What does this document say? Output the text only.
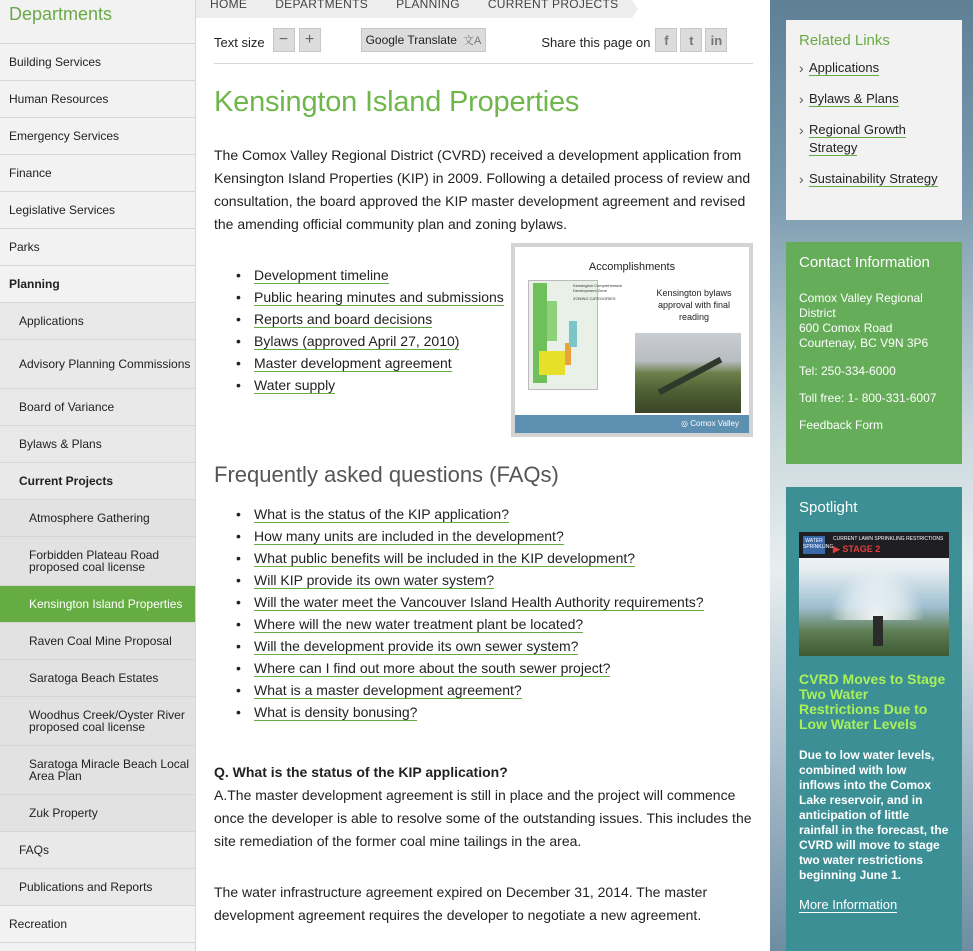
Departments
Building Services
Human Resources
Emergency Services
Finance
Legislative Services
Parks
Planning
Applications
Advisory Planning Commissions
Board of Variance
Bylaws & Plans
Current Projects
Atmosphere Gathering
Forbidden Plateau Road proposed coal license
Kensington Island Properties
Raven Coal Mine Proposal
Saratoga Beach Estates
Woodhus Creek/Oyster River proposed coal license
Saratoga Miracle Beach Local Area Plan
Zuk Property
FAQs
Publications and Reports
Recreation
HOME	DEPARTMENTS	PLANNING	CURRENT PROJECTS
Text size −	+	Google Translate 文A	Share this page on	f	t	in
Kensington Island Properties

The Comox Valley Regional District (CVRD) received a development application from Kensington Island Properties (KIP) in 2009. Following a detailed process of review and consultation, the board approved the KIP master development agreement and revised the amending official community plan and zoning bylaws.

• Development timeline
• Public hearing minutes and submissions
• Reports and board decisions
• Bylaws (approved April 27, 2010)
• Master development agreement
• Water supply
Accomplishments
Kensington Comprehensive Development Zone
ZONING CATEGORIES
Kensington bylaws approval with final reading
◎ Comox Valley
Frequently asked questions (FAQs)
• What is the status of the KIP application?
• How many units are included in the development?
• What public benefits will be included in the KIP development?
• Will KIP provide its own water system?
• Will the water meet the Vancouver Island Health Authority requirements?
• Where will the new water treatment plant be located?
• Will the development provide its own sewer system?
• Where can I find out more about the south sewer project?
• What is a master development agreement?
• What is density bonusing?

Q. What is the status of the KIP application?

A.The master development agreement is still in place and the project will commence once the developer is able to resolve some of the outstanding issues. This includes the site remediation of the former coal mine tailings in the area.

The water infrastructure agreement expired on December 31, 2014. The master development agreement requires the developer to negotiate a new agreement.

Related Links
› Applications
› Bylaws & Plans
› Regional Growth Strategy
› Sustainability Strategy
Contact Information
Comox Valley Regional District
600 Comox Road
Courtenay, BC V9N 3P6
Tel: 250-334-6000
Toll free: 1- 800-331-6007
Feedback Form
Spotlight
WATER SPRINKLING
CURRENT LAWN SPRINKLING RESTRICTIONS
▶ STAGE 2
CVRD Moves to Stage Two Water Restrictions Due to Low Water Levels
Due to low water levels, combined with low inflows into the Comox Lake reservoir, and in anticipation of little rainfall in the forecast, the CVRD will move to stage two water restrictions beginning June 1.
More Information
